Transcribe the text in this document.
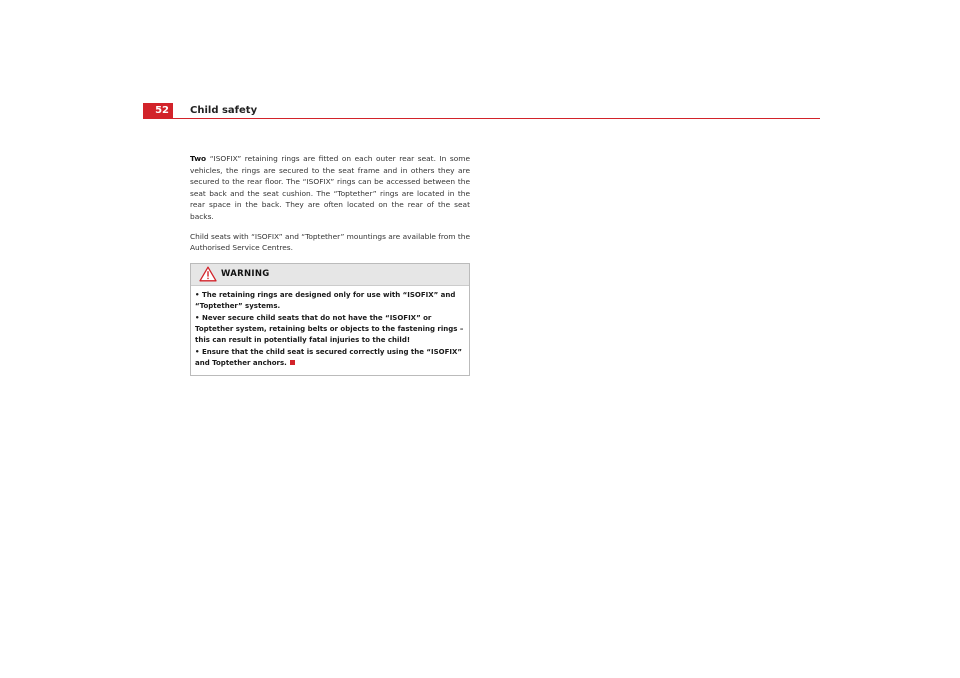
52	Child safety

Two “ISOFIX” retaining rings are fitted on each outer rear seat. In some vehicles, the rings are secured to the seat frame and in others they are secured to the rear floor. The “ISOFIX” rings can be accessed between the seat back and the seat cushion. The “Toptether” rings are located in the rear space in the back. They are often located on the rear of the seat backs.

Child seats with “ISOFIX” and “Toptether” mountings are available from the Authorised Service Centres.

WARNING
• The retaining rings are designed only for use with “ISOFIX” and “Toptether” systems.
• Never secure child seats that do not have the “ISOFIX” or Toptether system, retaining belts or objects to the fastening rings – this can result in potentially fatal injuries to the child!
• Ensure that the child seat is secured correctly using the “ISOFIX” and Toptether anchors.
